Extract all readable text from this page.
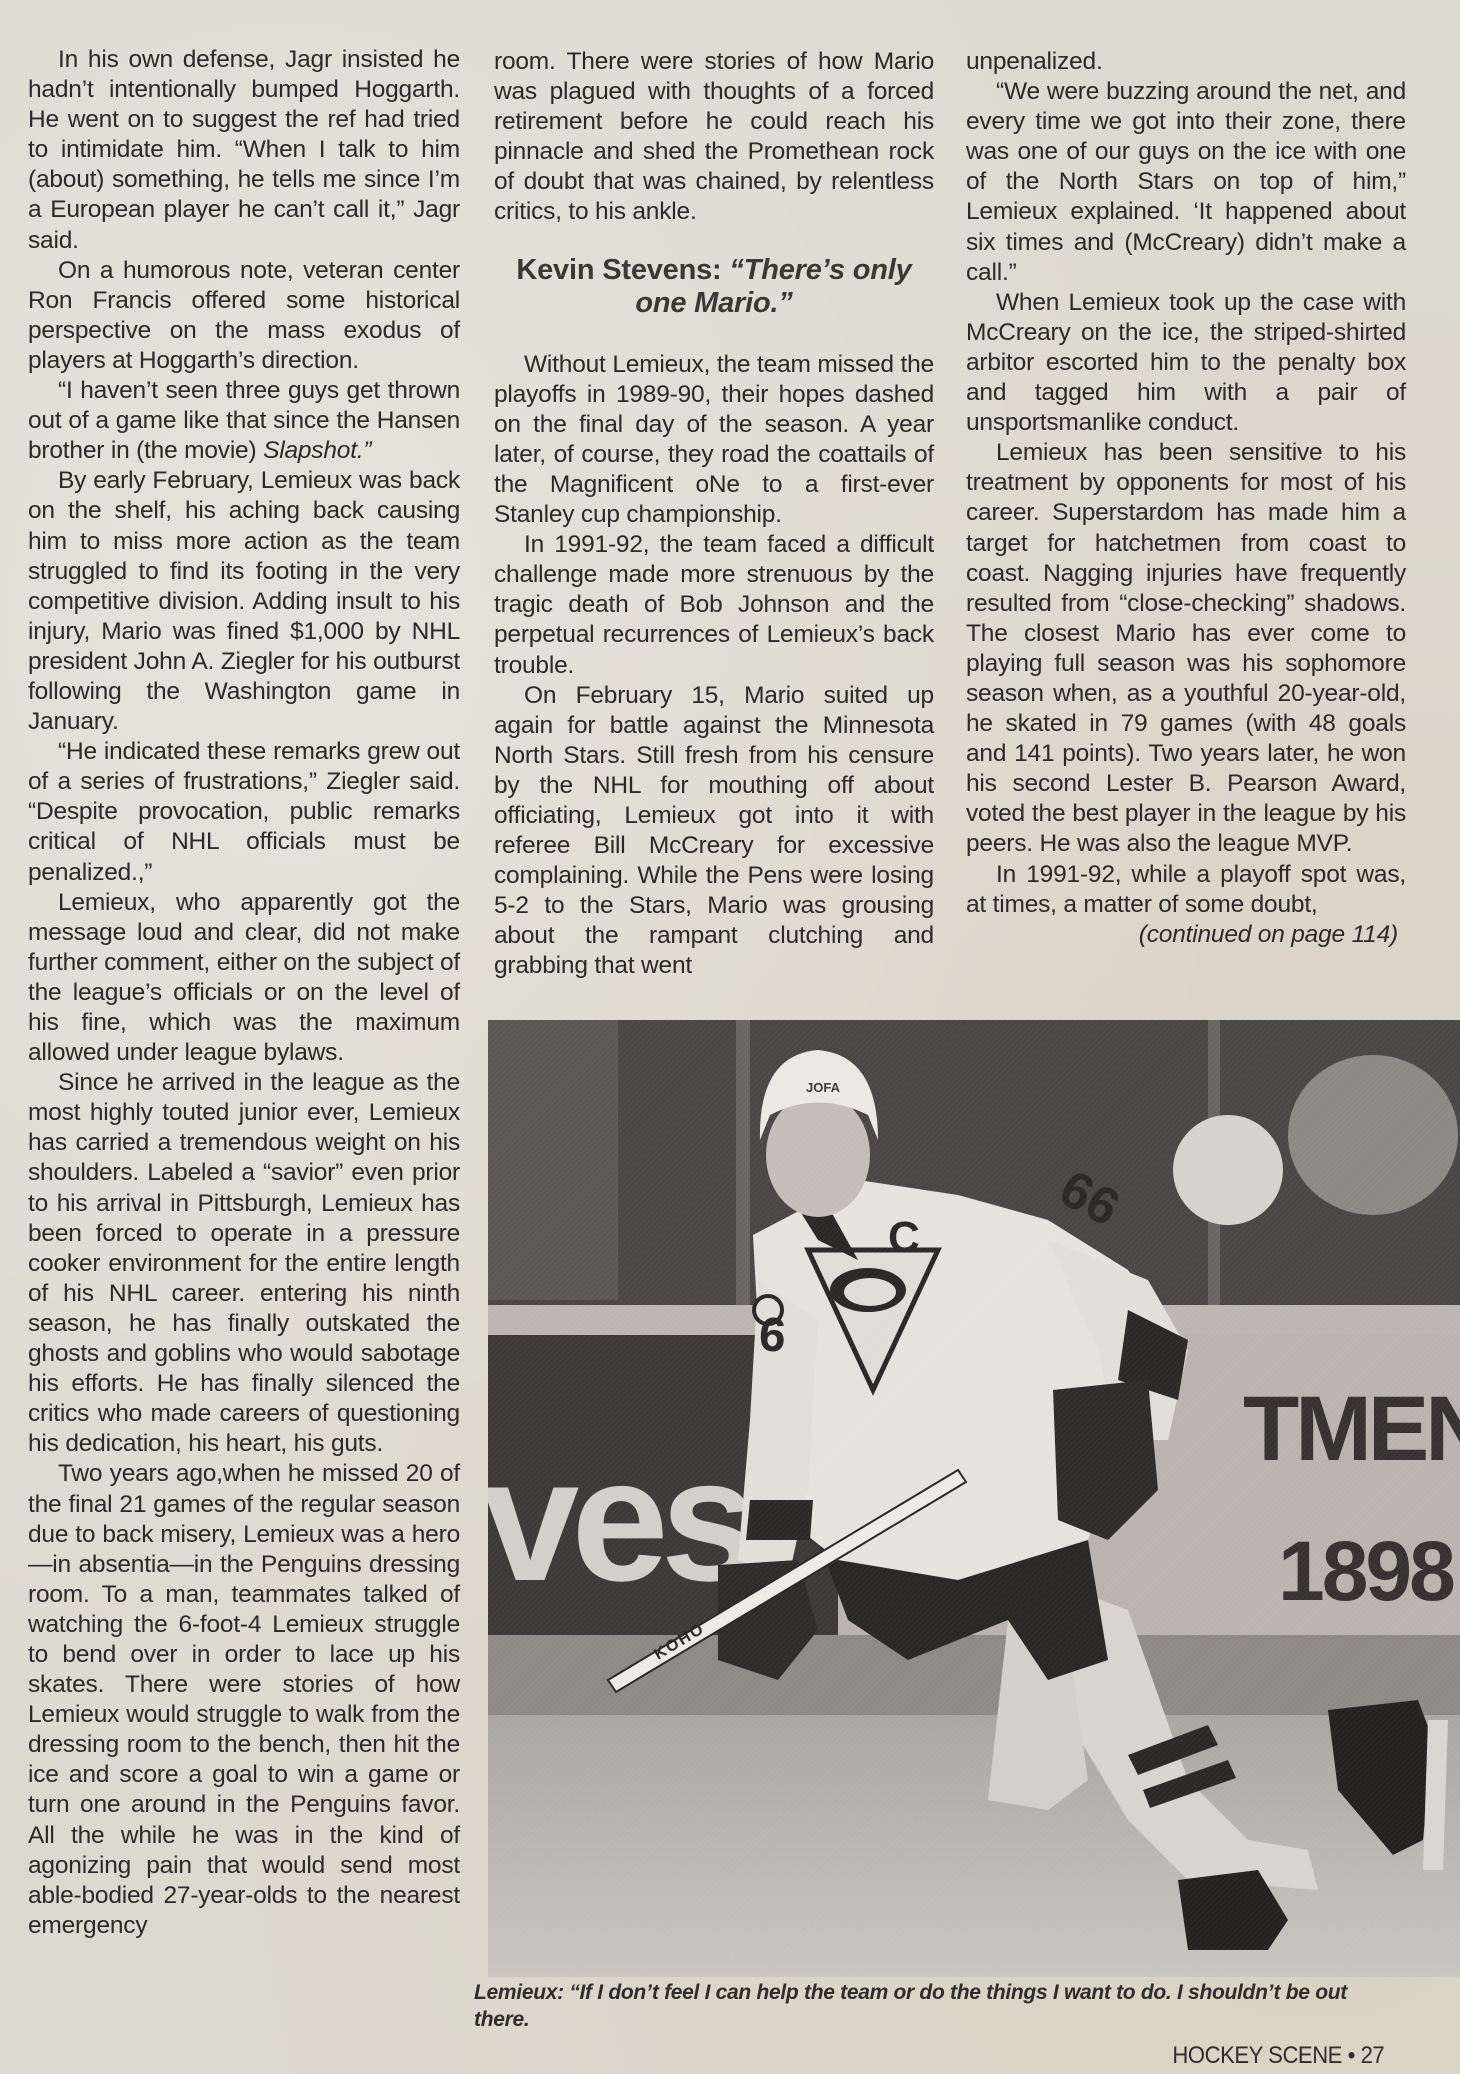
In his own defense, Jagr insisted he hadn’t intentionally bumped Hoggarth. He went on to suggest the ref had tried to intimidate him. “When I talk to him (about) something, he tells me since I’m a European player he can’t call it,” Jagr said.

On a humorous note, veteran center Ron Francis offered some historical perspective on the mass exodus of players at Hoggarth’s direction.

“I haven’t seen three guys get thrown out of a game like that since the Hansen brother in (the movie) Slapshot.”

By early February, Lemieux was back on the shelf, his aching back causing him to miss more action as the team struggled to find its footing in the very competitive division. Adding insult to his injury, Mario was fined $1,000 by NHL president John A. Ziegler for his outburst following the Washington game in January.

“He indicated these remarks grew out of a series of frustrations,” Ziegler said. “Despite provocation, public remarks critical of NHL officials must be penalized.,”

Lemieux, who apparently got the message loud and clear, did not make further comment, either on the subject of the league’s officials or on the level of his fine, which was the maximum allowed under league bylaws.

Since he arrived in the league as the most highly touted junior ever, Lemieux has carried a tremendous weight on his shoulders. Labeled a “savior” even prior to his arrival in Pittsburgh, Lemieux has been forced to operate in a pressure cooker environment for the entire length of his NHL career. entering his ninth season, he has finally outskated the ghosts and goblins who would sabotage his efforts. He has finally silenced the critics who made careers of questioning his dedication, his heart, his guts.

Two years ago,when he missed 20 of the final 21 games of the regular season due to back misery, Lemieux was a hero—in absentia—in the Penguins dressing room. To a man, teammates talked of watching the 6-foot-4 Lemieux struggle to bend over in order to lace up his skates. There were stories of how Lemieux would struggle to walk from the dressing room to the bench, then hit the ice and score a goal to win a game or turn one around in the Penguins favor. All the while he was in the kind of agonizing pain that would send most able-bodied 27-year-olds to the nearest emergency

room. There were stories of how Mario was plagued with thoughts of a forced retirement before he could reach his pinnacle and shed the Promethean rock of doubt that was chained, by relentless critics, to his ankle.

Kevin Stevens: “There’s only one Mario.”

Without Lemieux, the team missed the playoffs in 1989-90, their hopes dashed on the final day of the season. A year later, of course, they road the coattails of the Magnificent oNe to a first-ever Stanley cup championship.

In 1991-92, the team faced a difficult challenge made more strenuous by the tragic death of Bob Johnson and the perpetual recurrences of Lemieux’s back trouble.

On February 15, Mario suited up again for battle against the Minnesota North Stars. Still fresh from his censure by the NHL for mouthing off about officiating, Lemieux got into it with referee Bill McCreary for excessive complaining. While the Pens were losing 5-2 to the Stars, Mario was grousing about the rampant clutching and grabbing that went

unpenalized.

“We were buzzing around the net, and every time we got into their zone, there was one of our guys on the ice with one of the North Stars on top of him,” Lemieux explained. ‘It happened about six times and (McCreary) didn’t make a call.”

When Lemieux took up the case with McCreary on the ice, the striped-shirted arbitor escorted him to the penalty box and tagged him with a pair of unsportsmanlike conduct.

Lemieux has been sensitive to his treatment by opponents for most of his career. Superstardom has made him a target for hatchetmen from coast to coast. Nagging injuries have frequently resulted from “close-checking” shadows. The closest Mario has ever come to playing full season was his sophomore season when, as a youthful 20-year-old, he skated in 79 games (with 48 goals and 141 points). Two years later, he won his second Lester B. Pearson Award, voted the best player in the league by his peers. He was also the league MVP.

In 1991-92, while a playoff spot was, at times, a matter of some doubt,

(continued on page 114)

Lemieux: “If I don’t feel I can help the team or do the things I want to do. I shouldn’t be out there.
HOCKEY SCENE • 27
